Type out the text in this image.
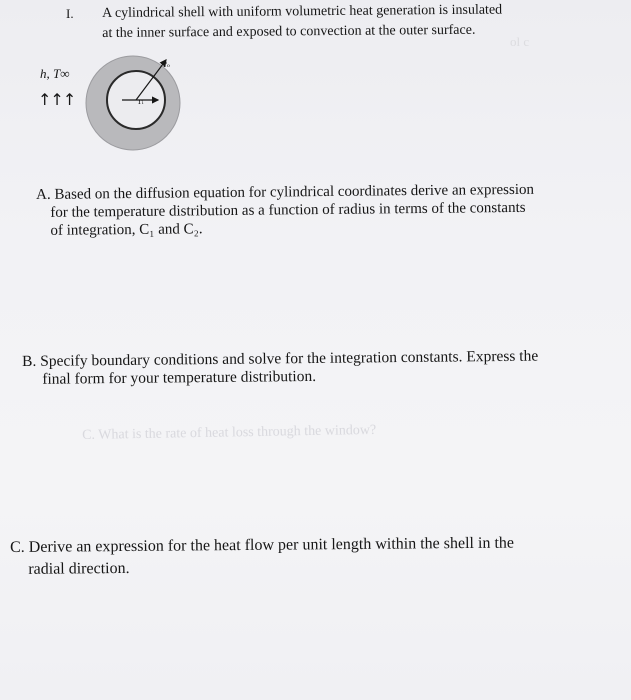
I. A cylindrical shell with uniform volumetric heat generation is insulated
at the inner surface and exposed to convection at the outer surface.
ol c
h, T∞
↑↑↑
rₒ
rᵢ
A. Based on the diffusion equation for cylindrical coordinates derive an expression
for the temperature distribution as a function of radius in terms of the constants
of integration, C₁ and C₂.
B. Specify boundary conditions and solve for the integration constants. Express the
final form for your temperature distribution.
C. What is the rate of heat loss through the window?
C. Derive an expression for the heat flow per unit length within the shell in the
radial direction.
